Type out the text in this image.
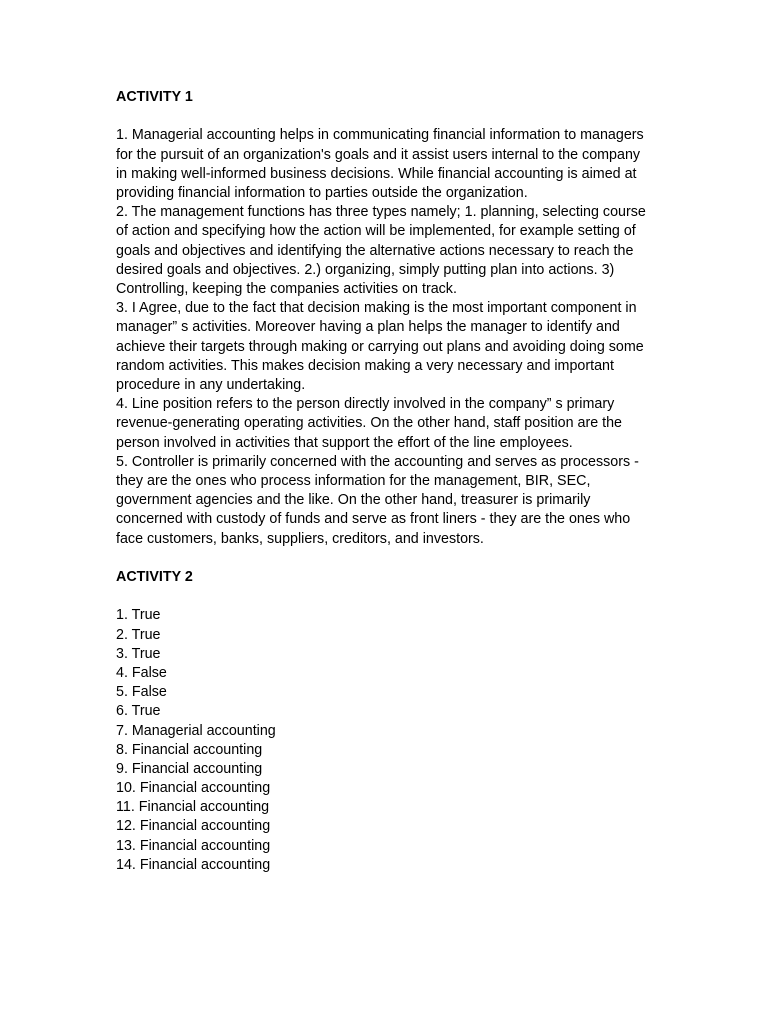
ACTIVITY 1

1. Managerial accounting helps in communicating financial information to managers for the pursuit of an organization's goals and it assist users internal to the company in making well-informed business decisions. While financial accounting is aimed at providing financial information to parties outside the organization.

2. The management functions has three types namely; 1. planning, selecting course of action and specifying how the action will be implemented, for example setting of goals and objectives and identifying the alternative actions necessary to reach the desired goals and objectives. 2.) organizing, simply putting plan into actions. 3) Controlling, keeping the companies activities on track.

3. I Agree, due to the fact that decision making is the most important component in manager” s activities. Moreover having a plan helps the manager to identify and achieve their targets through making or carrying out plans and avoiding doing some random activities. This makes decision making a very necessary and important procedure in any undertaking.

4. Line position refers to the person directly involved in the company” s primary revenue-generating operating activities. On the other hand, staff position are the person involved in activities that support the effort of the line employees.

5. Controller is primarily concerned with the accounting and serves as processors - they are the ones who process information for the management, BIR, SEC, government agencies and the like. On the other hand, treasurer is primarily concerned with custody of funds and serve as front liners - they are the ones who face customers, banks, suppliers, creditors, and investors.

ACTIVITY 2
1. True
2. True
3. True
4. False
5. False
6. True
7. Managerial accounting
8. Financial accounting
9. Financial accounting
10. Financial accounting
11. Financial accounting
12. Financial accounting
13. Financial accounting
14. Financial accounting
